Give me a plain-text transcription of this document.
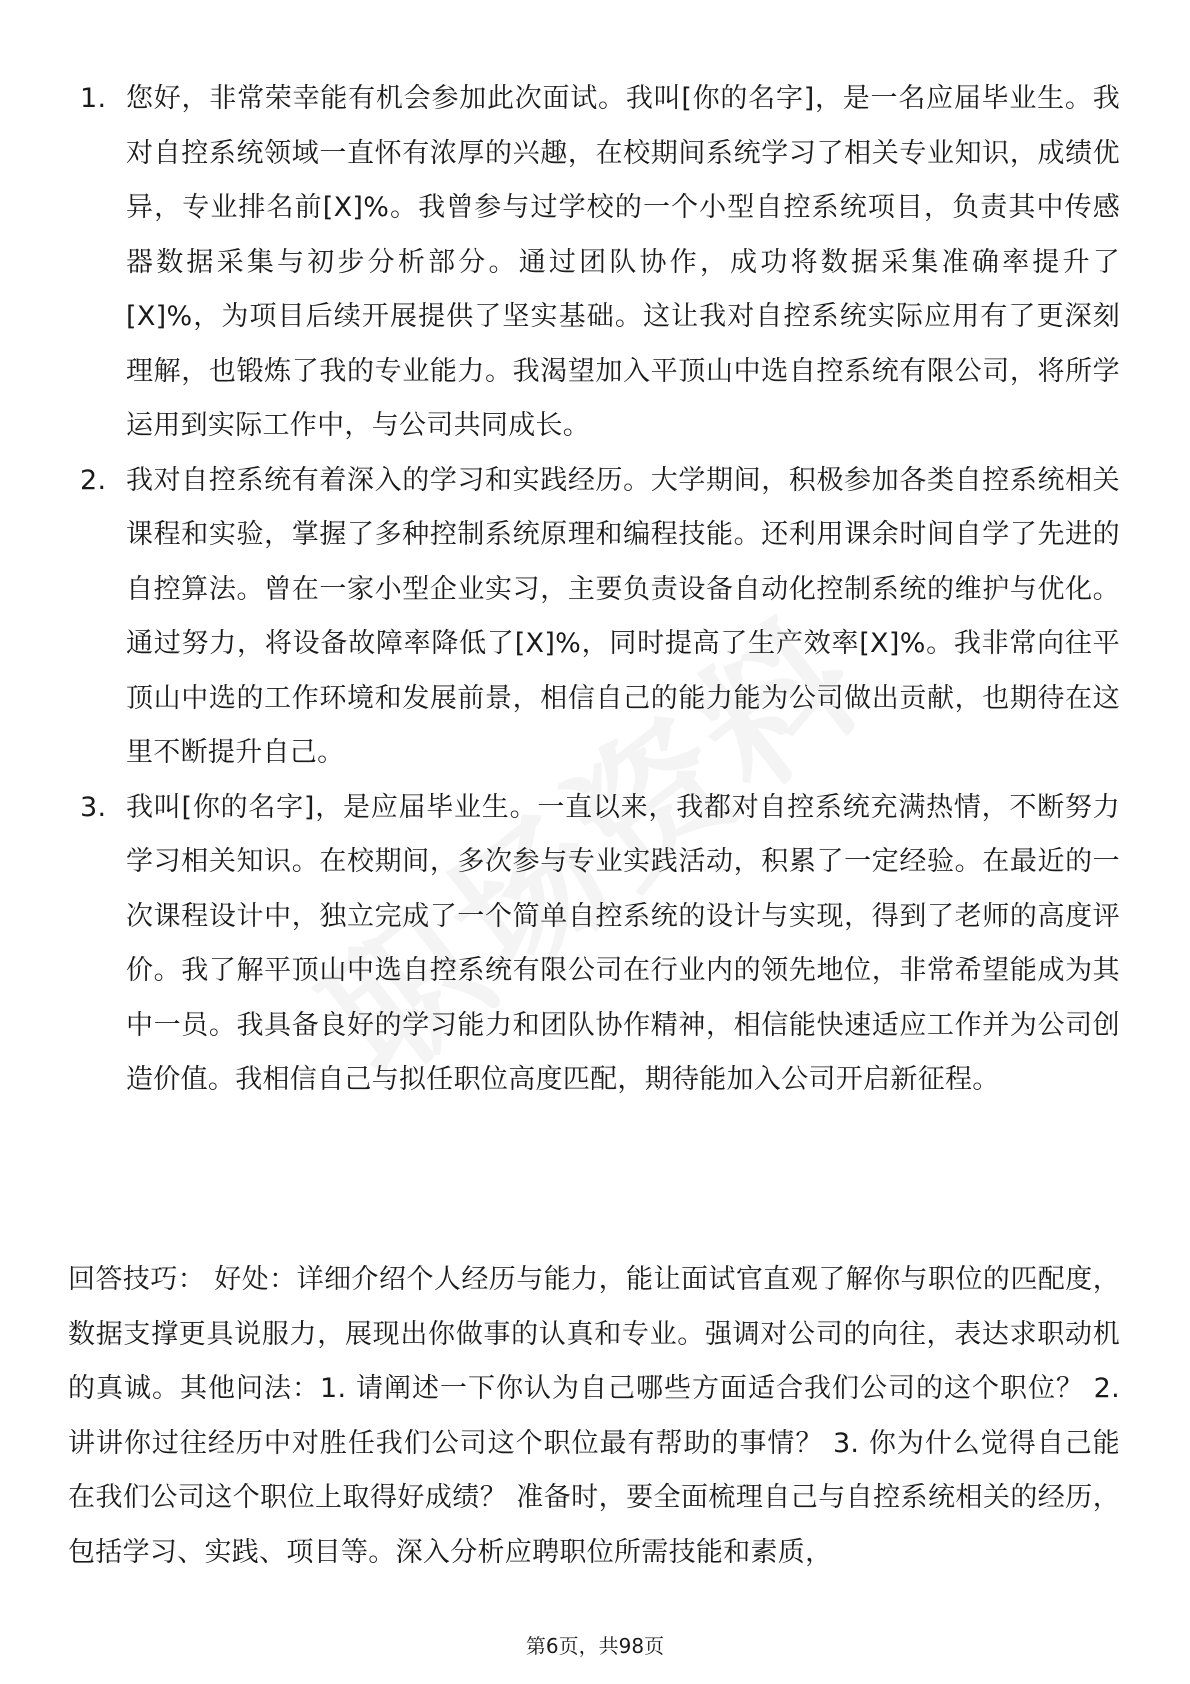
1. 您好，非常荣幸能有机会参加此次面试。我叫[你的名字]，是一名应届毕业生。我对自控系统领域一直怀有浓厚的兴趣，在校期间系统学习了相关专业知识，成绩优异，专业排名前[X]%。我曾参与过学校的一个小型自控系统项目，负责其中传感器数据采集与初步分析部分。通过团队协作，成功将数据采集准确率提升了[X]%，为项目后续开展提供了坚实基础。这让我对自控系统实际应用有了更深刻理解，也锻炼了我的专业能力。我渴望加入平顶山中选自控系统有限公司，将所学运用到实际工作中，与公司共同成长。
2. 我对自控系统有着深入的学习和实践经历。大学期间，积极参加各类自控系统相关课程和实验，掌握了多种控制系统原理和编程技能。还利用课余时间自学了先进的自控算法。曾在一家小型企业实习，主要负责设备自动化控制系统的维护与优化。通过努力，将设备故障率降低了[X]%，同时提高了生产效率[X]%。我非常向往平顶山中选的工作环境和发展前景，相信自己的能力能为公司做出贡献，也期待在这里不断提升自己。
3. 我叫[你的名字]，是应届毕业生。一直以来，我都对自控系统充满热情，不断努力学习相关知识。在校期间，多次参与专业实践活动，积累了一定经验。在最近的一次课程设计中，独立完成了一个简单自控系统的设计与实现，得到了老师的高度评价。我了解平顶山中选自控系统有限公司在行业内的领先地位，非常希望能成为其中一员。我具备良好的学习能力和团队协作精神，相信能快速适应工作并为公司创造价值。我相信自己与拟任职位高度匹配，期待能加入公司开启新征程。

回答技巧： 好处：详细介绍个人经历与能力，能让面试官直观了解你与职位的匹配度，数据支撑更具说服力，展现出你做事的认真和专业。强调对公司的向往，表达求职动机的真诚。其他问法：1. 请阐述一下你认为自己哪些方面适合我们公司的这个职位？ 2. 讲讲你过往经历中对胜任我们公司这个职位最有帮助的事情？ 3. 你为什么觉得自己能在我们公司这个职位上取得好成绩？ 准备时，要全面梳理自己与自控系统相关的经历，包括学习、实践、项目等。深入分析应聘职位所需技能和素质，

第6页，共98页
